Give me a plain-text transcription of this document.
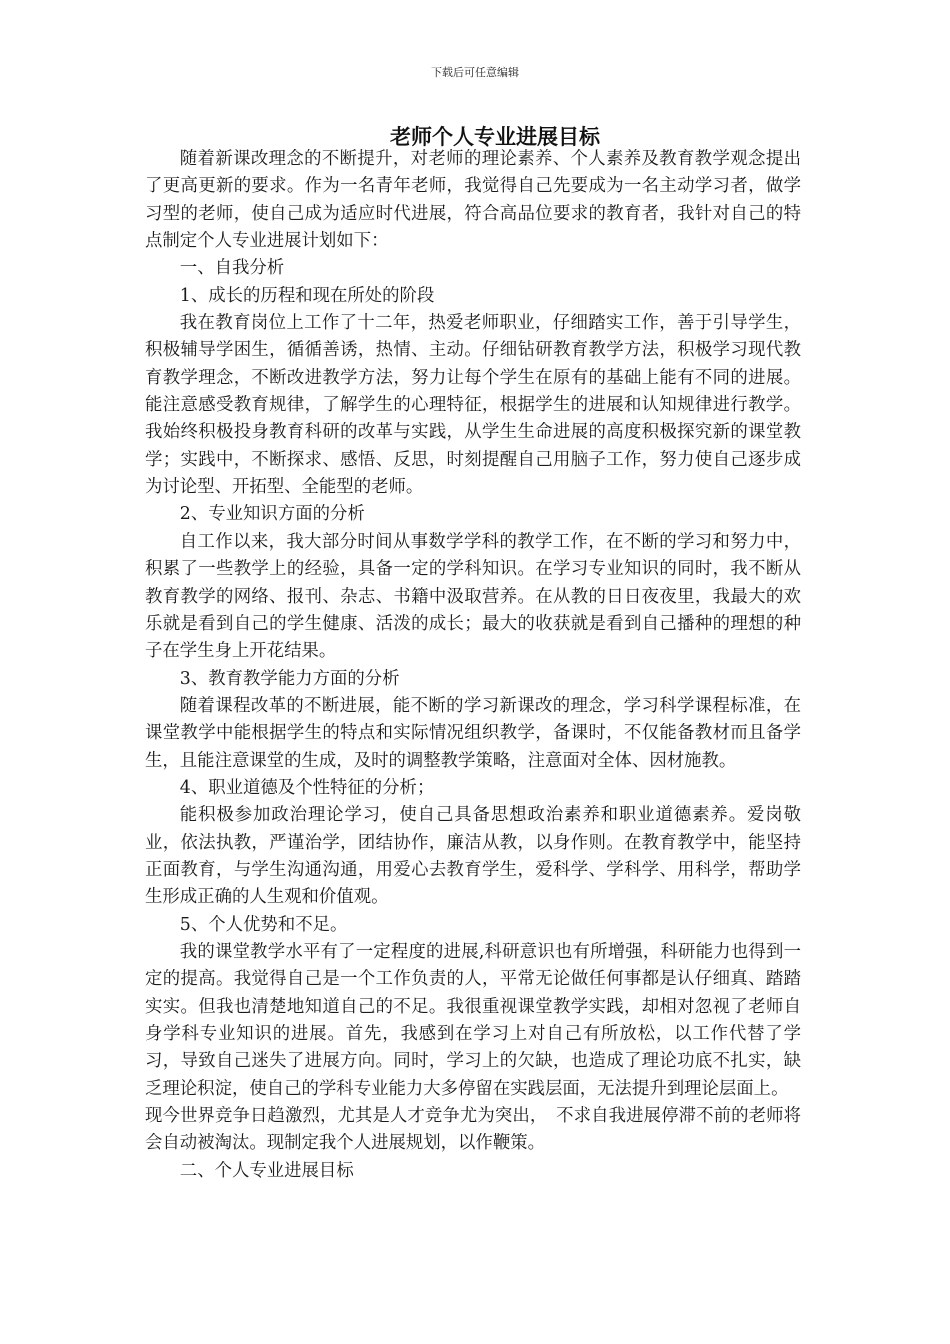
下载后可任意编辑
老师个人专业进展目标

随着新课改理念的不断提升，对老师的理论素养、个人素养及教育教学观念提出了更高更新的要求。作为一名青年老师，我觉得自己先要成为一名主动学习者，做学习型的老师，使自己成为适应时代进展，符合高品位要求的教育者，我针对自己的特点制定个人专业进展计划如下：

一、自我分析

1、成长的历程和现在所处的阶段

我在教育岗位上工作了十二年，热爱老师职业，仔细踏实工作，善于引导学生，积极辅导学困生，循循善诱，热情、主动。仔细钻研教育教学方法，积极学习现代教育教学理念，不断改进教学方法，努力让每个学生在原有的基础上能有不同的进展。能注意感受教育规律，了解学生的心理特征，根据学生的进展和认知规律进行教学。我始终积极投身教育科研的改革与实践，从学生生命进展的高度积极探究新的课堂教学；实践中，不断探求、感悟、反思，时刻提醒自己用脑子工作，努力使自己逐步成为讨论型、开拓型、全能型的老师。

2、专业知识方面的分析

自工作以来，我大部分时间从事数学学科的教学工作，在不断的学习和努力中，积累了一些教学上的经验，具备一定的学科知识。在学习专业知识的同时，我不断从教育教学的网络、报刊、杂志、书籍中汲取营养。在从教的日日夜夜里，我最大的欢乐就是看到自己的学生健康、活泼的成长；最大的收获就是看到自己播种的理想的种子在学生身上开花结果。

3、教育教学能力方面的分析

随着课程改革的不断进展，能不断的学习新课改的理念，学习科学课程标准，在课堂教学中能根据学生的特点和实际情况组织教学，备课时，不仅能备教材而且备学生，且能注意课堂的生成，及时的调整教学策略，注意面对全体、因材施教。

4、职业道德及个性特征的分析；

能积极参加政治理论学习，使自己具备思想政治素养和职业道德素养。爱岗敬业，依法执教，严谨治学，团结协作，廉洁从教，以身作则。在教育教学中，能坚持正面教育，与学生沟通沟通，用爱心去教育学生，爱科学、学科学、用科学，帮助学生形成正确的人生观和价值观。

5、个人优势和不足。

我的课堂教学水平有了一定程度的进展,科研意识也有所增强，科研能力也得到一定的提高。我觉得自己是一个工作负责的人，平常无论做任何事都是认仔细真、踏踏实实。但我也清楚地知道自己的不足。我很重视课堂教学实践，却相对忽视了老师自身学科专业知识的进展。首先，我感到在学习上对自己有所放松，以工作代替了学习，导致自己迷失了进展方向。同时，学习上的欠缺，也造成了理论功底不扎实，缺乏理论积淀，使自己的学科专业能力大多停留在实践层面，无法提升到理论层面上。

现今世界竞争日趋激烈，尤其是人才竞争尤为突出，　不求自我进展停滞不前的老师将会自动被淘汰。现制定我个人进展规划，以作鞭策。

二、个人专业进展目标
